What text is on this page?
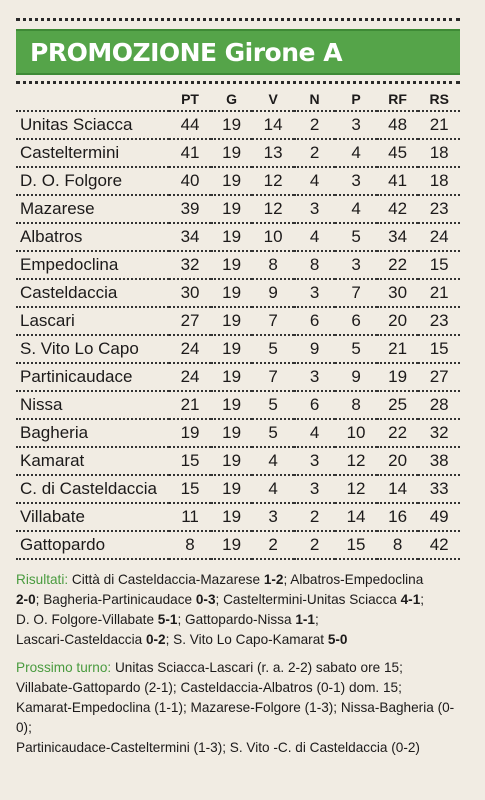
PROMOZIONE Girone A
	PT	G	V	N	P	RF	RS
Unitas Sciacca	44	19	14	2	3	48	21
Casteltermini	41	19	13	2	4	45	18
D. O. Folgore	40	19	12	4	3	41	18
Mazarese	39	19	12	3	4	42	23
Albatros	34	19	10	4	5	34	24
Empedoclina	32	19	8	8	3	22	15
Casteldaccia	30	19	9	3	7	30	21
Lascari	27	19	7	6	6	20	23
S. Vito Lo Capo	24	19	5	9	5	21	15
Partinicaudace	24	19	7	3	9	19	27
Nissa	21	19	5	6	8	25	28
Bagheria	19	19	5	4	10	22	32
Kamarat	15	19	4	3	12	20	38
C. di Casteldaccia	15	19	4	3	12	14	33
Villabate	11	19	3	2	14	16	49
Gattopardo	8	19	2	2	15	8	42

Risultati: Città di Casteldaccia-Mazarese 1-2; Albatros-Empedoclina
2-0; Bagheria-Partinicaudace 0-3; Casteltermini-Unitas Sciacca 4-1;
D. O. Folgore-Villabate 5-1; Gattopardo-Nissa 1-1;
Lascari-Casteldaccia 0-2; S. Vito Lo Capo-Kamarat 5-0

Prossimo turno: Unitas Sciacca-Lascari (r. a. 2-2) sabato ore 15;
Villabate-Gattopardo (2-1); Casteldaccia-Albatros (0-1) dom. 15;
Kamarat-Empedoclina (1-1); Mazarese-Folgore (1-3); Nissa-Bagheria (0-0);
Partinicaudace-Casteltermini (1-3); S. Vito -C. di Casteldaccia (0-2)
